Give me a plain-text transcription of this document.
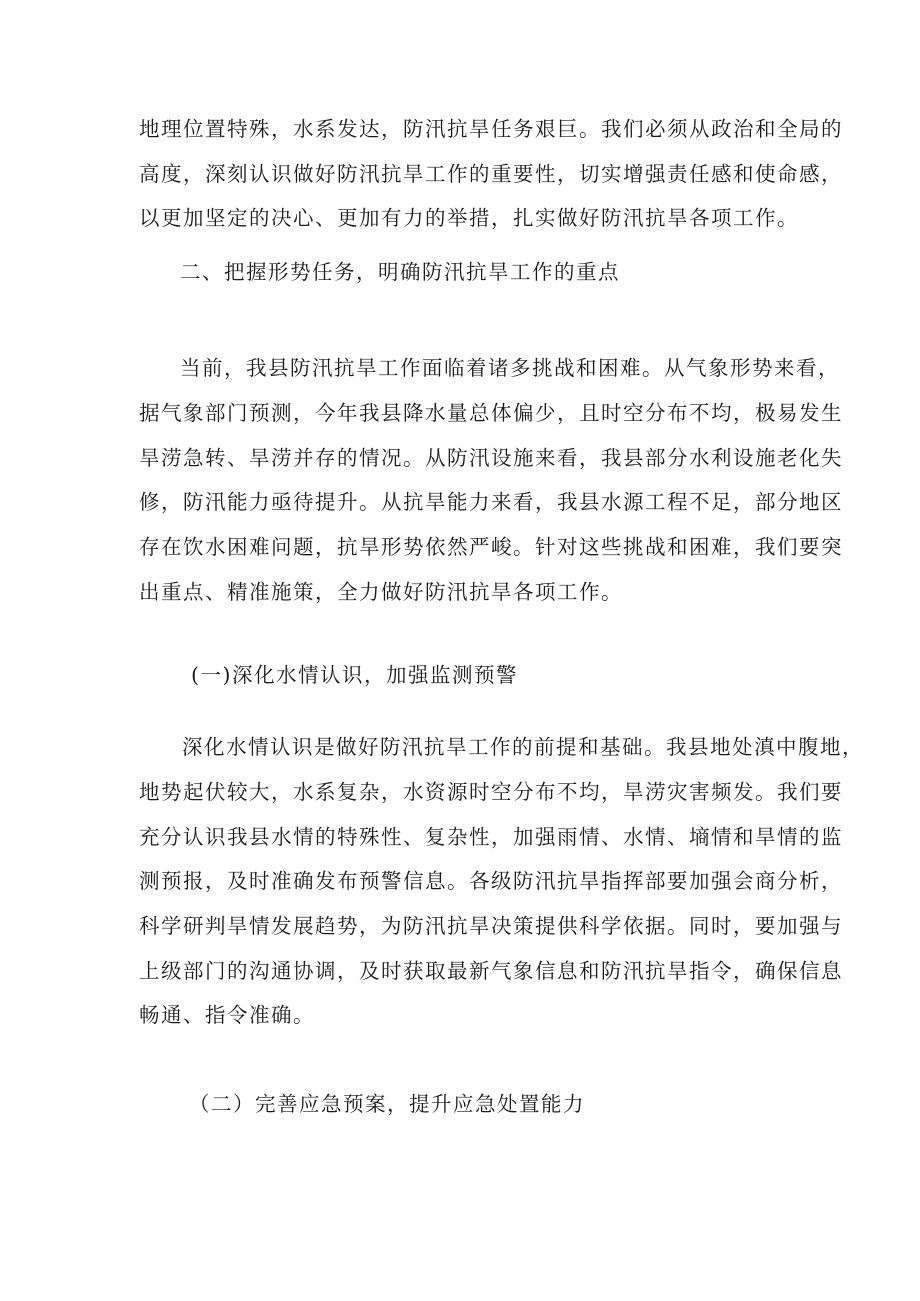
地理位置特殊，水系发达，防汛抗旱任务艰巨。我们必须从政治和全局的
高度，深刻认识做好防汛抗旱工作的重要性，切实增强责任感和使命感，
以更加坚定的决心、更加有力的举措，扎实做好防汛抗旱各项工作。
二、把握形势任务，明确防汛抗旱工作的重点
当前，我县防汛抗旱工作面临着诸多挑战和困难。从气象形势来看，
据气象部门预测，今年我县降水量总体偏少，且时空分布不均，极易发生
旱涝急转、旱涝并存的情况。从防汛设施来看，我县部分水利设施老化失
修，防汛能力亟待提升。从抗旱能力来看，我县水源工程不足，部分地区
存在饮水困难问题，抗旱形势依然严峻。针对这些挑战和困难，我们要突
出重点、精准施策，全力做好防汛抗旱各项工作。
(一)深化水情认识，加强监测预警
深化水情认识是做好防汛抗旱工作的前提和基础。我县地处滇中腹地，
地势起伏较大，水系复杂，水资源时空分布不均，旱涝灾害频发。我们要
充分认识我县水情的特殊性、复杂性，加强雨情、水情、墒情和旱情的监
测预报，及时准确发布预警信息。各级防汛抗旱指挥部要加强会商分析，
科学研判旱情发展趋势，为防汛抗旱决策提供科学依据。同时，要加强与
上级部门的沟通协调，及时获取最新气象信息和防汛抗旱指令，确保信息
畅通、指令准确。
（二）完善应急预案，提升应急处置能力
